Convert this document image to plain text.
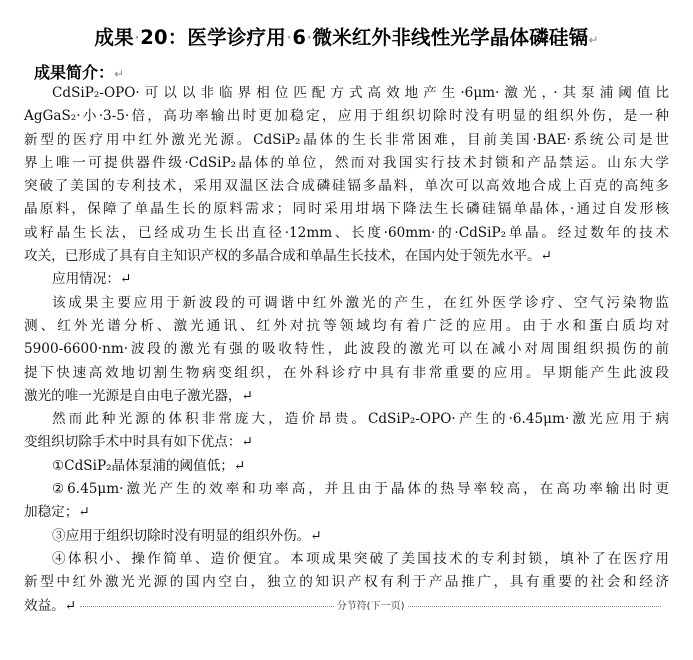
成果·20：医学诊疗用·6·微米红外非线性光学晶体磷硅镉↵
成果简介：↵
CdSiP₂-OPO·可以以非临界相位匹配方式高效地产生·6μm·激光，·其泵浦阈值比
AgGaS₂·小·3-5·倍，高功率输出时更加稳定，应用于组织切除时没有明显的组织外伤，是一种
新型的医疗用中红外激光光源。CdSiP₂晶体的生长非常困难，目前美国·BAE·系统公司是世
界上唯一可提供器件级·CdSiP₂晶体的单位，然而对我国实行技术封锁和产品禁运。山东大学
突破了美国的专利技术，采用双温区法合成磷硅镉多晶料，单次可以高效地合成上百克的高纯多
晶原料，保障了单晶生长的原料需求；同时采用坩埚下降法生长磷硅镉单晶体，·通过自发形核
或籽晶生长法，已经成功生长出直径·12mm、长度·60mm·的·CdSiP₂单晶。经过数年的技术
攻关，已形成了具有自主知识产权的多晶合成和单晶生长技术，在国内处于领先水平。↵
应用情况：↵
该成果主要应用于新波段的可调谐中红外激光的产生，在红外医学诊疗、空气污染物监
测、红外光谱分析、激光通讯、红外对抗等领域均有着广泛的应用。由于水和蛋白质均对
5900-6600·nm·波段的激光有强的吸收特性，此波段的激光可以在减小对周围组织损伤的前
提下快速高效地切割生物病变组织，在外科诊疗中具有非常重要的应用。早期能产生此波段
激光的唯一光源是自由电子激光器，↵
然而此种光源的体积非常庞大，造价昂贵。CdSiP₂-OPO·产生的·6.45μm·激光应用于病
变组织切除手术中时具有如下优点：↵
①CdSiP₂晶体泵浦的阈值低；↵
②6.45μm·激光产生的效率和功率高，并且由于晶体的热导率较高，在高功率输出时更
加稳定；↵
③应用于组织切除时没有明显的组织外伤。↵
④体积小、操作简单、造价便宜。本项成果突破了美国技术的专利封锁，填补了在医疗用
新型中红外激光光源的国内空白，独立的知识产权有利于产品推广，具有重要的社会和经济
效益。↵	分节符(下一页)
